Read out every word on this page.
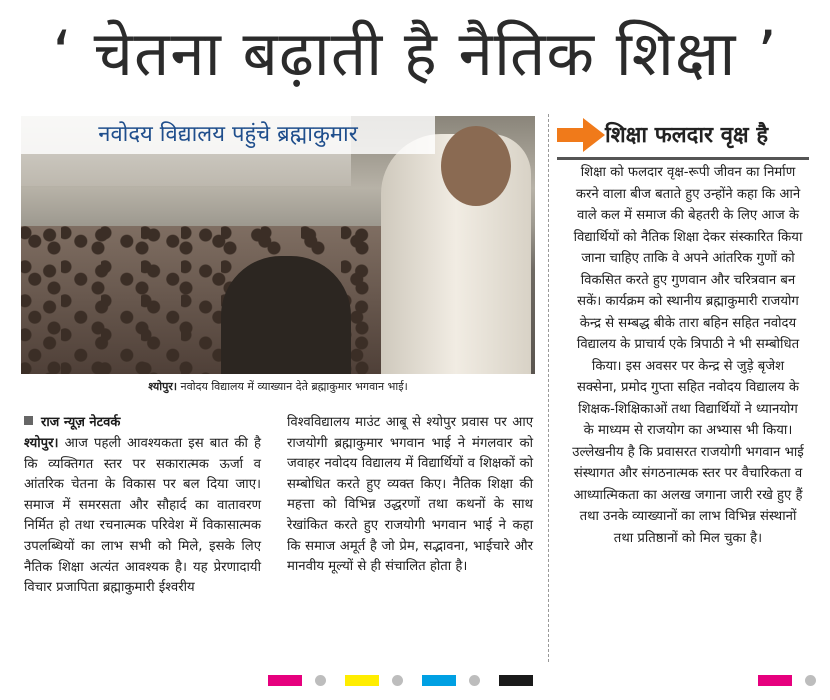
‘ चेतना बढ़ाती है नैतिक शिक्षा ’
नवोदय विद्यालय पहुंचे ब्रह्माकुमार
श्योपुर। नवोदय विद्यालय में व्याख्यान देते ब्रह्माकुमार भगवान भाई।
राज न्यूज़ नेटवर्क
श्योपुर। आज पहली आवश्यकता इस बात की है कि व्यक्तिगत स्तर पर सकारात्मक ऊर्जा व आंतरिक चेतना के विकास पर बल दिया जाए। समाज में समरसता और सौहार्द का वातावरण निर्मित हो तथा रचनात्मक परिवेश में विकासात्मक उपलब्धियों का लाभ सभी को मिले, इसके लिए नैतिक शिक्षा अत्यंत आवश्यक है। यह प्रेरणादायी विचार प्रजापिता ब्रह्माकुमारी ईश्वरीय
विश्वविद्यालय माउंट आबू से श्योपुर प्रवास पर आए राजयोगी ब्रह्माकुमार भगवान भाई ने मंगलवार को जवाहर नवोदय विद्यालय में विद्यार्थियों व शिक्षकों को सम्बोधित करते हुए व्यक्त किए। नैतिक शिक्षा की महत्ता को विभिन्न उद्धरणों तथा कथनों के साथ रेखांकित करते हुए राजयोगी भगवान भाई ने कहा कि समाज अमूर्त है जो प्रेम, सद्भावना, भाईचारे और मानवीय मूल्यों से ही संचालित होता है।
शिक्षा फलदार वृक्ष है
शिक्षा को फलदार वृक्ष-रूपी जीवन का निर्माण करने वाला बीज बताते हुए उन्होंने कहा कि आने वाले कल में समाज की बेहतरी के लिए आज के विद्यार्थियों को नैतिक शिक्षा देकर संस्कारित किया जाना चाहिए ताकि वे अपने आंतरिक गुणों को विकसित करते हुए गुणवान और चरित्रवान बन सकें। कार्यक्रम को स्थानीय ब्रह्माकुमारी राजयोग केन्द्र से सम्बद्ध बीके तारा बहिन सहित नवोदय विद्यालय के प्राचार्य एके त्रिपाठी ने भी सम्बोधित किया। इस अवसर पर केन्द्र से जुड़े बृजेश सक्सेना, प्रमोद गुप्ता सहित नवोदय विद्यालय के शिक्षक-शिक्षिकाओं तथा विद्यार्थियों ने ध्यानयोग के माध्यम से राजयोग का अभ्यास भी किया। उल्लेखनीय है कि प्रवासरत राजयोगी भगवान भाई संस्थागत और संगठनात्मक स्तर पर वैचारिकता व आध्यात्मिकता का अलख जगाना जारी रखे हुए हैं तथा उनके व्याख्यानों का लाभ विभिन्न संस्थानों तथा प्रतिष्ठानों को मिल चुका है।
